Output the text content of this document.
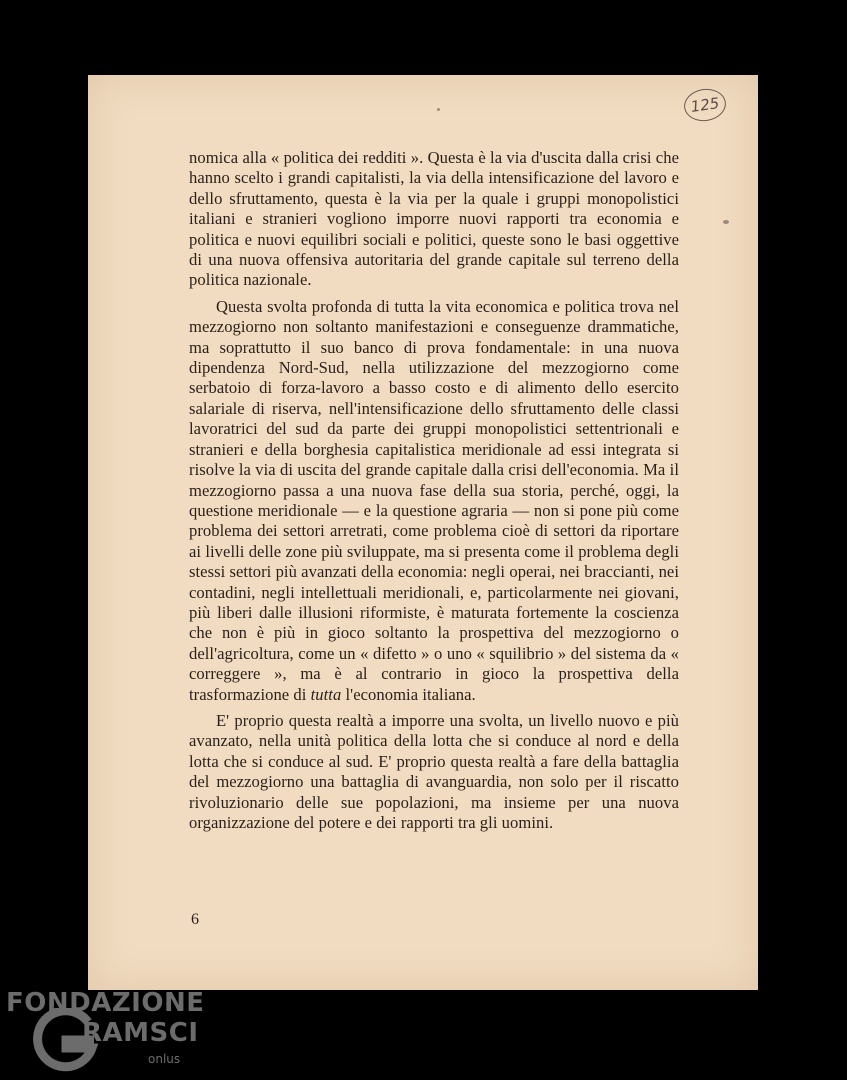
125

nomica alla « politica dei redditi ». Questa è la via d'uscita dalla crisi che hanno scelto i grandi capitalisti, la via della intensificazione del lavoro e dello sfruttamento, questa è la via per la quale i gruppi monopolistici italiani e stranieri vogliono imporre nuovi rapporti tra economia e politica e nuovi equilibri sociali e politici, queste sono le basi oggettive di una nuova offensiva autoritaria del grande capitale sul terreno della politica nazionale.

Questa svolta profonda di tutta la vita economica e politica trova nel mezzogiorno non soltanto manifestazioni e conseguenze drammatiche, ma soprattutto il suo banco di prova fondamentale: in una nuova dipendenza Nord-Sud, nella utilizzazione del mezzogiorno come serbatoio di forza-lavoro a basso costo e di alimento dello esercito salariale di riserva, nell'intensificazione dello sfruttamento delle classi lavoratrici del sud da parte dei gruppi monopolistici settentrionali e stranieri e della borghesia capitalistica meridionale ad essi integrata si risolve la via di uscita del grande capitale dalla crisi dell'economia. Ma il mezzogiorno passa a una nuova fase della sua storia, perché, oggi, la questione meridionale — e la questione agraria — non si pone più come problema dei settori arretrati, come problema cioè di settori da riportare ai livelli delle zone più sviluppate, ma si presenta come il problema degli stessi settori più avanzati della economia: negli operai, nei braccianti, nei contadini, negli intellettuali meridionali, e, particolarmente nei giovani, più liberi dalle illusioni riformiste, è maturata fortemente la coscienza che non è più in gioco soltanto la prospettiva del mezzogiorno o dell'agricoltura, come un « difetto » o uno « squilibrio » del sistema da « correggere », ma è al contrario in gioco la prospettiva della trasformazione di tutta l'economia italiana.

E' proprio questa realtà a imporre una svolta, un livello nuovo e più avanzato, nella unità politica della lotta che si conduce al nord e della lotta che si conduce al sud. E' proprio questa realtà a fare della battaglia del mezzogiorno una battaglia di avanguardia, non solo per il riscatto rivoluzionario delle sue popolazioni, ma insieme per una nuova organizzazione del potere e dei rapporti tra gli uomini.

6
FONDAZIONE
RAMSCI
onlus
